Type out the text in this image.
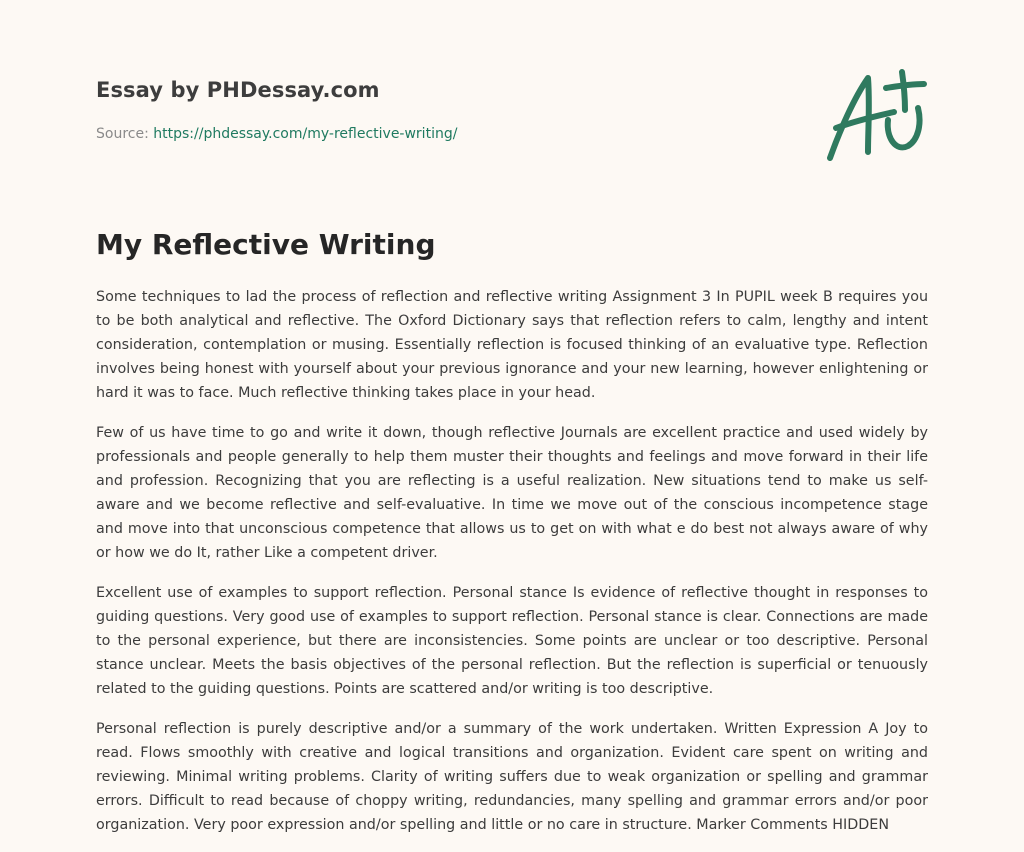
Essay by PHDessay.com
Source: https://phdessay.com/my-reflective-writing/
My Reflective Writing

Some techniques to lad the process of reflection and reflective writing Assignment 3 In PUPIL week B requires you to be both analytical and reflective. The Oxford Dictionary says that reflection refers to calm, lengthy and intent consideration, contemplation or musing. Essentially reflection is focused thinking of an evaluative type. Reflection involves being honest with yourself about your previous ignorance and your new learning, however enlightening or hard it was to face. Much reflective thinking takes place in your head.

Few of us have time to go and write it down, though reflective Journals are excellent practice and used widely by professionals and people generally to help them muster their thoughts and feelings and move forward in their life and profession. Recognizing that you are reflecting is a useful realization. New situations tend to make us self-aware and we become reflective and self-evaluative. In time we move out of the conscious incompetence stage and move into that unconscious competence that allows us to get on with what e do best not always aware of why or how we do It, rather Like a competent driver.

Excellent use of examples to support reflection. Personal stance Is evidence of reflective thought in responses to guiding questions. Very good use of examples to support reflection. Personal stance is clear. Connections are made to the personal experience, but there are inconsistencies. Some points are unclear or too descriptive. Personal stance unclear. Meets the basis objectives of the personal reflection. But the reflection is superficial or tenuously related to the guiding questions. Points are scattered and/or writing is too descriptive.

Personal reflection is purely descriptive and/or a summary of the work undertaken. Written Expression A Joy to read. Flows smoothly with creative and logical transitions and organization. Evident care spent on writing and reviewing. Minimal writing problems. Clarity of writing suffers due to weak organization or spelling and grammar errors. Difficult to read because of choppy writing, redundancies, many spelling and grammar errors and/or poor organization. Very poor expression and/or spelling and little or no care in structure. Marker Comments HIDDEN
